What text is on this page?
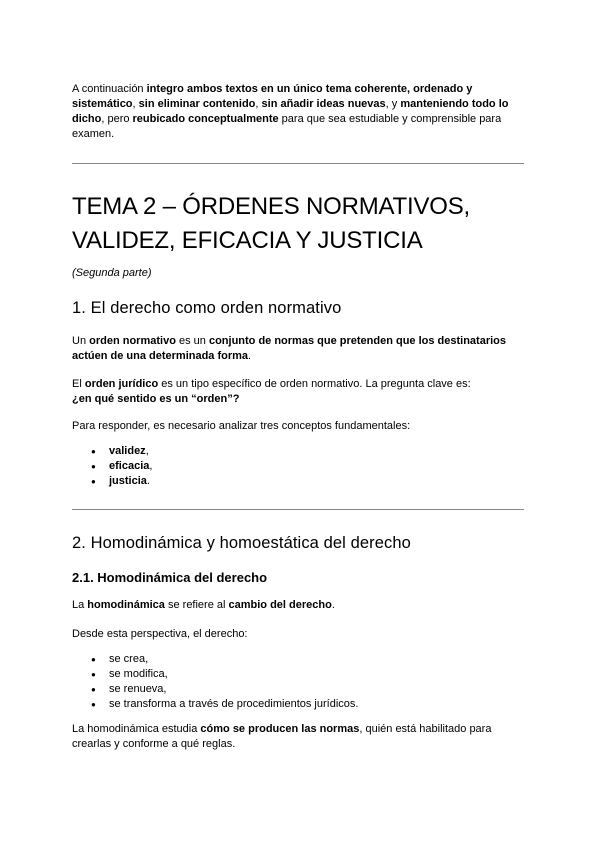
A continuación integro ambos textos en un único tema coherente, ordenado y sistemático, sin eliminar contenido, sin añadir ideas nuevas, y manteniendo todo lo dicho, pero reubicado conceptualmente para que sea estudiable y comprensible para examen.

TEMA 2 – ÓRDENES NORMATIVOS, VALIDEZ, EFICACIA Y JUSTICIA

(Segunda parte)

1. El derecho como orden normativo

Un orden normativo es un conjunto de normas que pretenden que los destinatarios actúen de una determinada forma.

El orden jurídico es un tipo específico de orden normativo. La pregunta clave es:
¿en qué sentido es un “orden”?

Para responder, es necesario analizar tres conceptos fundamentales:

● validez,
● eficacia,
● justicia.
2. Homodinámica y homoestática del derecho
2.1. Homodinámica del derecho

La homodinámica se refiere al cambio del derecho.

Desde esta perspectiva, el derecho:

● se crea,
● se modifica,
● se renueva,
● se transforma a través de procedimientos jurídicos.

La homodinámica estudia cómo se producen las normas, quién está habilitado para crearlas y conforme a qué reglas.
